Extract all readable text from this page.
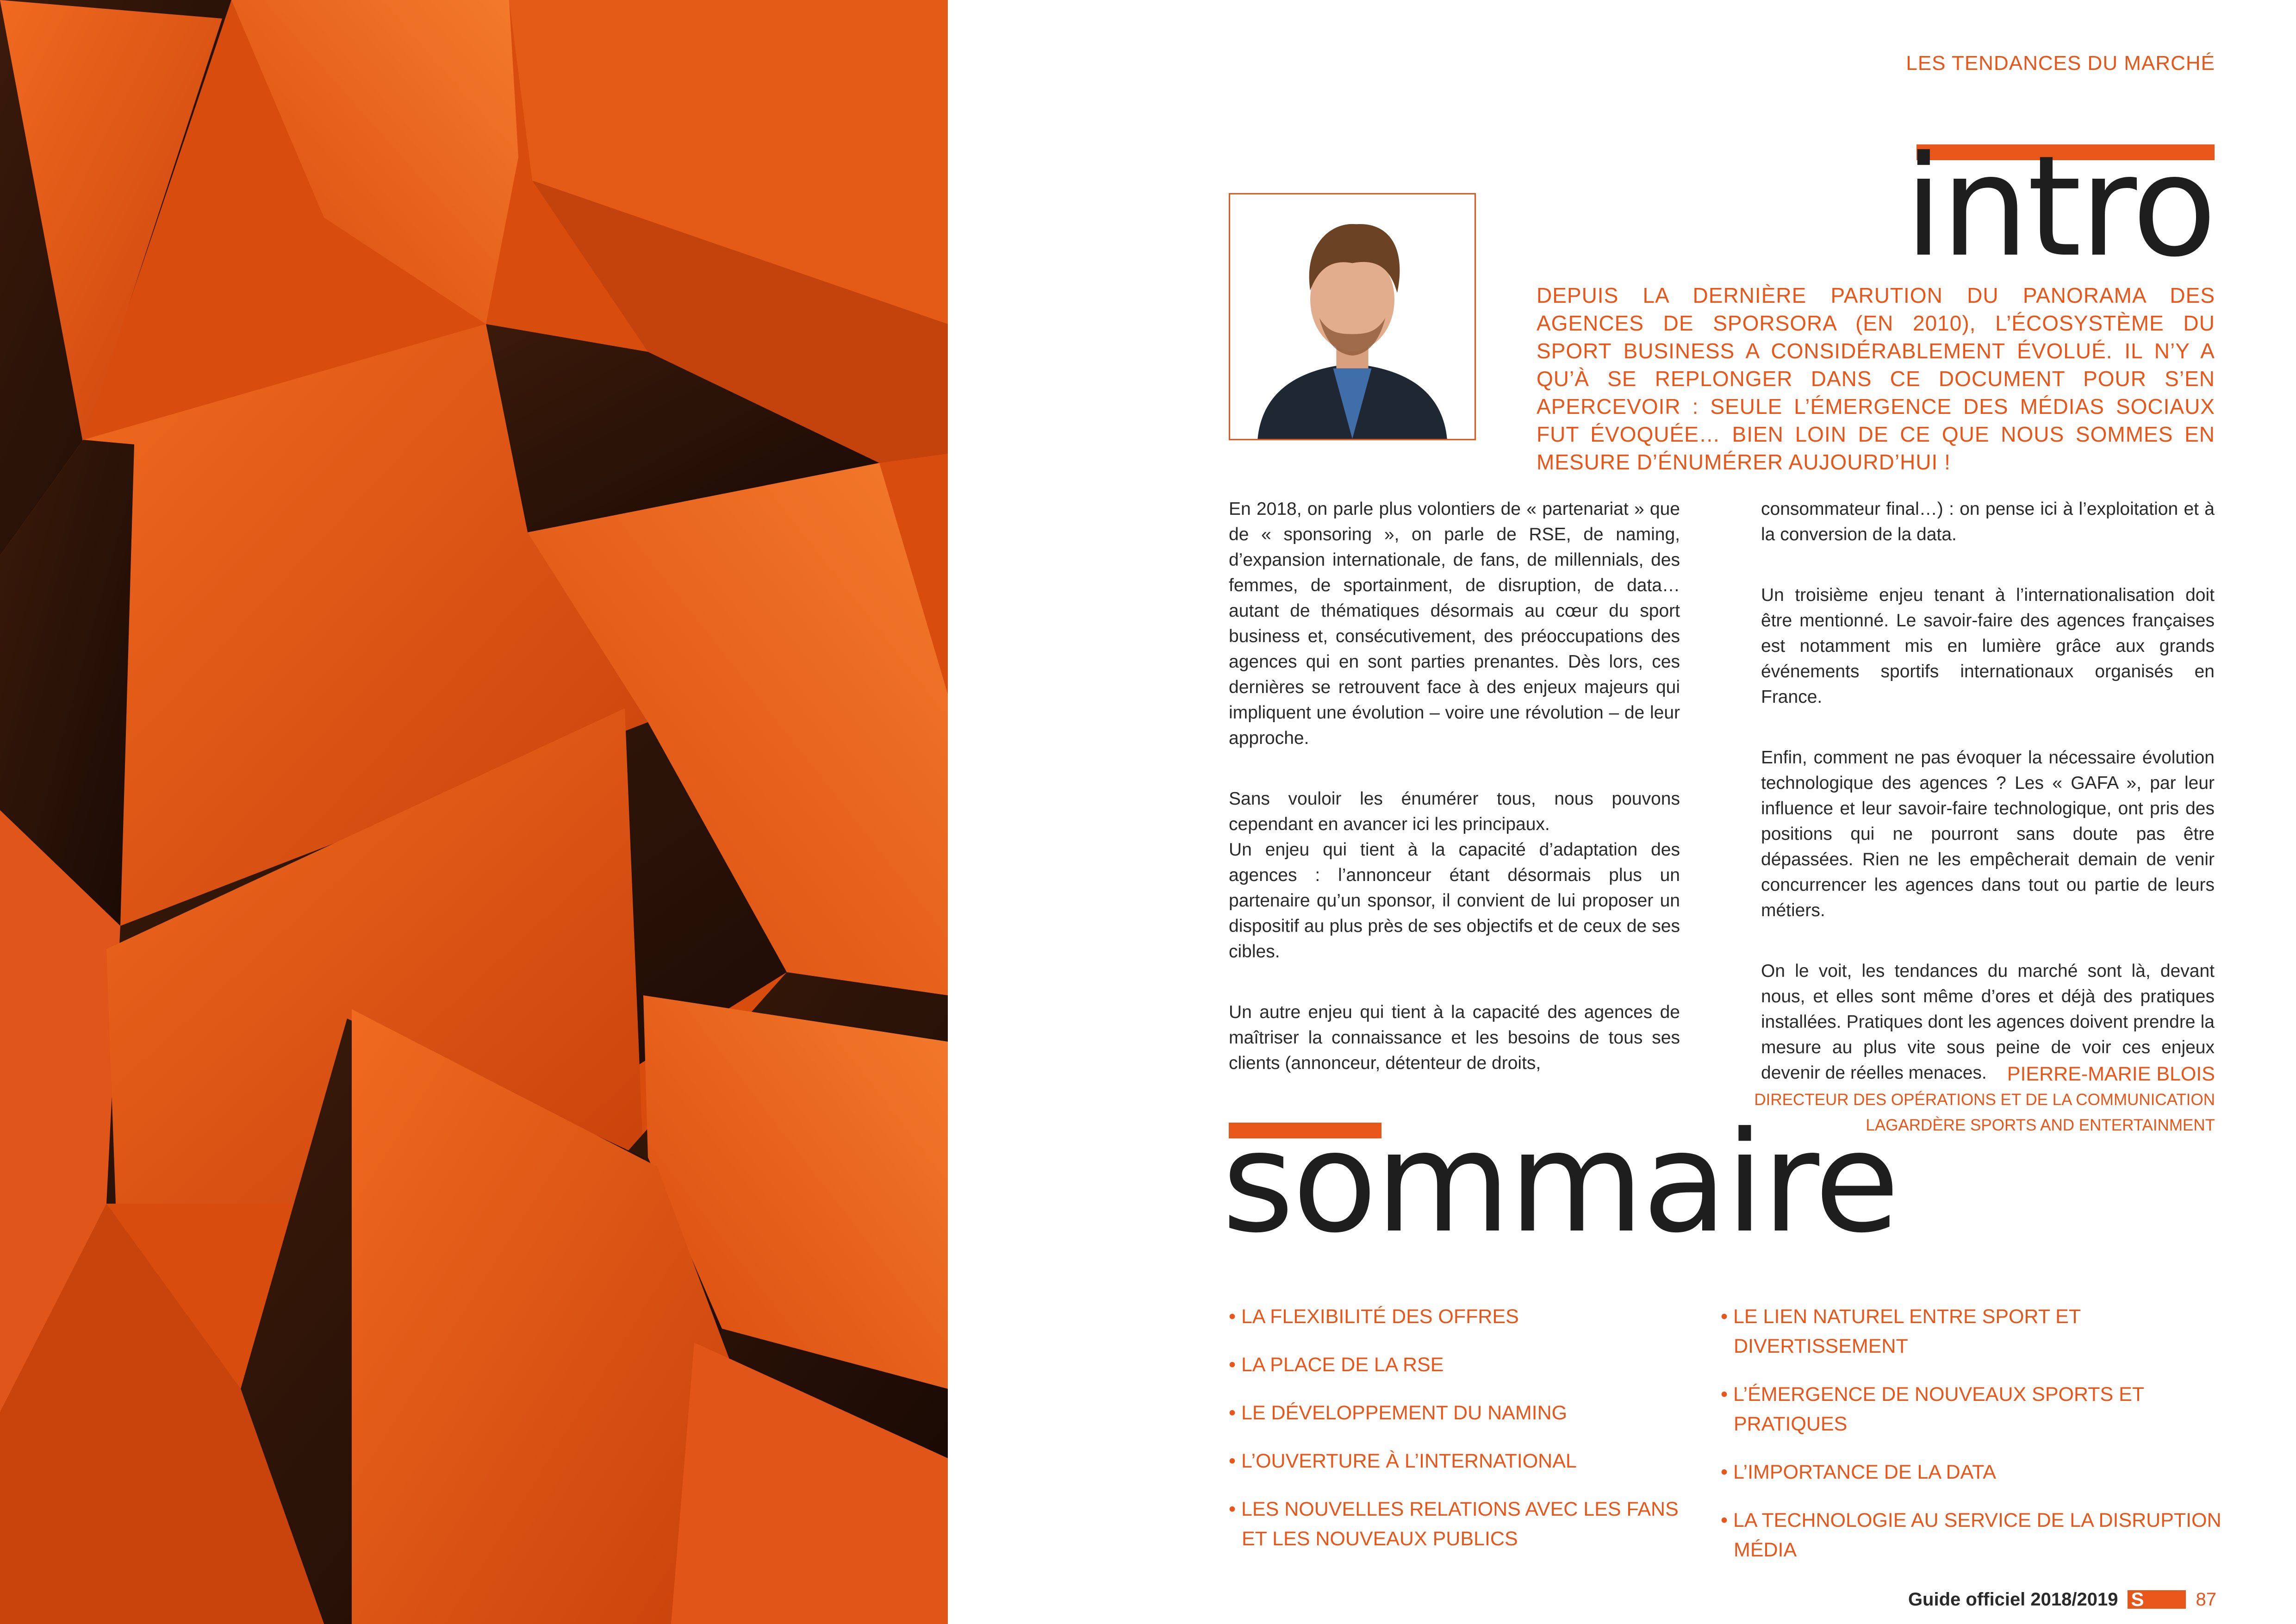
LES TENDANCES DU MARCHÉ
intro

DEPUIS LA DERNIÈRE PARUTION DU PANORAMA DES AGENCES DE SPORSORA (EN 2010), L’ÉCOSYSTÈME DU SPORT BUSINESS A CONSIDÉRABLEMENT ÉVOLUÉ. IL N’Y A QU’À SE REPLONGER DANS CE DOCUMENT POUR S’EN APERCEVOIR : SEULE L’ÉMERGENCE DES MÉDIAS SOCIAUX FUT ÉVOQUÉE… BIEN LOIN DE CE QUE NOUS SOMMES EN MESURE D’ÉNUMÉRER AUJOURD’HUI !

En 2018, on parle plus volontiers de « partenariat » que de « sponsoring », on parle de RSE, de naming, d’expansion internationale, de fans, de millennials, des femmes, de sportainment, de disruption, de data… autant de thématiques désormais au cœur du sport business et, consécutivement, des préoccupations des agences qui en sont parties prenantes. Dès lors, ces dernières se retrouvent face à des enjeux majeurs qui impliquent une évolution – voire une révolution – de leur approche.

Sans vouloir les énumérer tous, nous pouvons cependant en avancer ici les principaux.

Un enjeu qui tient à la capacité d’adaptation des agences : l’annonceur étant désormais plus un partenaire qu’un sponsor, il convient de lui proposer un dispositif au plus près de ses objectifs et de ceux de ses cibles.

Un autre enjeu qui tient à la capacité des agences de maîtriser la connaissance et les besoins de tous ses clients (annonceur, détenteur de droits,

consommateur final…) : on pense ici à l’exploitation et à la conversion de la data.

Un troisième enjeu tenant à l’internationalisation doit être mentionné. Le savoir-faire des agences françaises est notamment mis en lumière grâce aux grands événements sportifs internationaux organisés en France.

Enfin, comment ne pas évoquer la nécessaire évolution technologique des agences ? Les « GAFA », par leur influence et leur savoir-faire technologique, ont pris des positions qui ne pourront sans doute pas être dépassées. Rien ne les empêcherait demain de venir concurrencer les agences dans tout ou partie de leurs métiers.

On le voit, les tendances du marché sont là, devant nous, et elles sont même d’ores et déjà des pratiques installées. Pratiques dont les agences doivent prendre la mesure au plus vite sous peine de voir ces enjeux devenir de réelles menaces.	PIERRE-MARIE BLOIS
DIRECTEUR DES OPÉRATIONS ET DE LA COMMUNICATION
LAGARDÈRE SPORTS AND ENTERTAINMENT
sommaire
• LA FLEXIBILITÉ DES OFFRES
• LA PLACE DE LA RSE
• LE DÉVELOPPEMENT DU NAMING
• L’OUVERTURE À L’INTERNATIONAL
• LES NOUVELLES RELATIONS AVEC LES FANS ET LES NOUVEAUX PUBLICS
• LE LIEN NATUREL ENTRE SPORT ET DIVERTISSEMENT
• L’ÉMERGENCE DE NOUVEAUX SPORTS ET PRATIQUES
• L’IMPORTANCE DE LA DATA
• LA TECHNOLOGIE AU SERVICE DE LA DISRUPTION MÉDIA
Guide officiel 2018/2019 S	87
